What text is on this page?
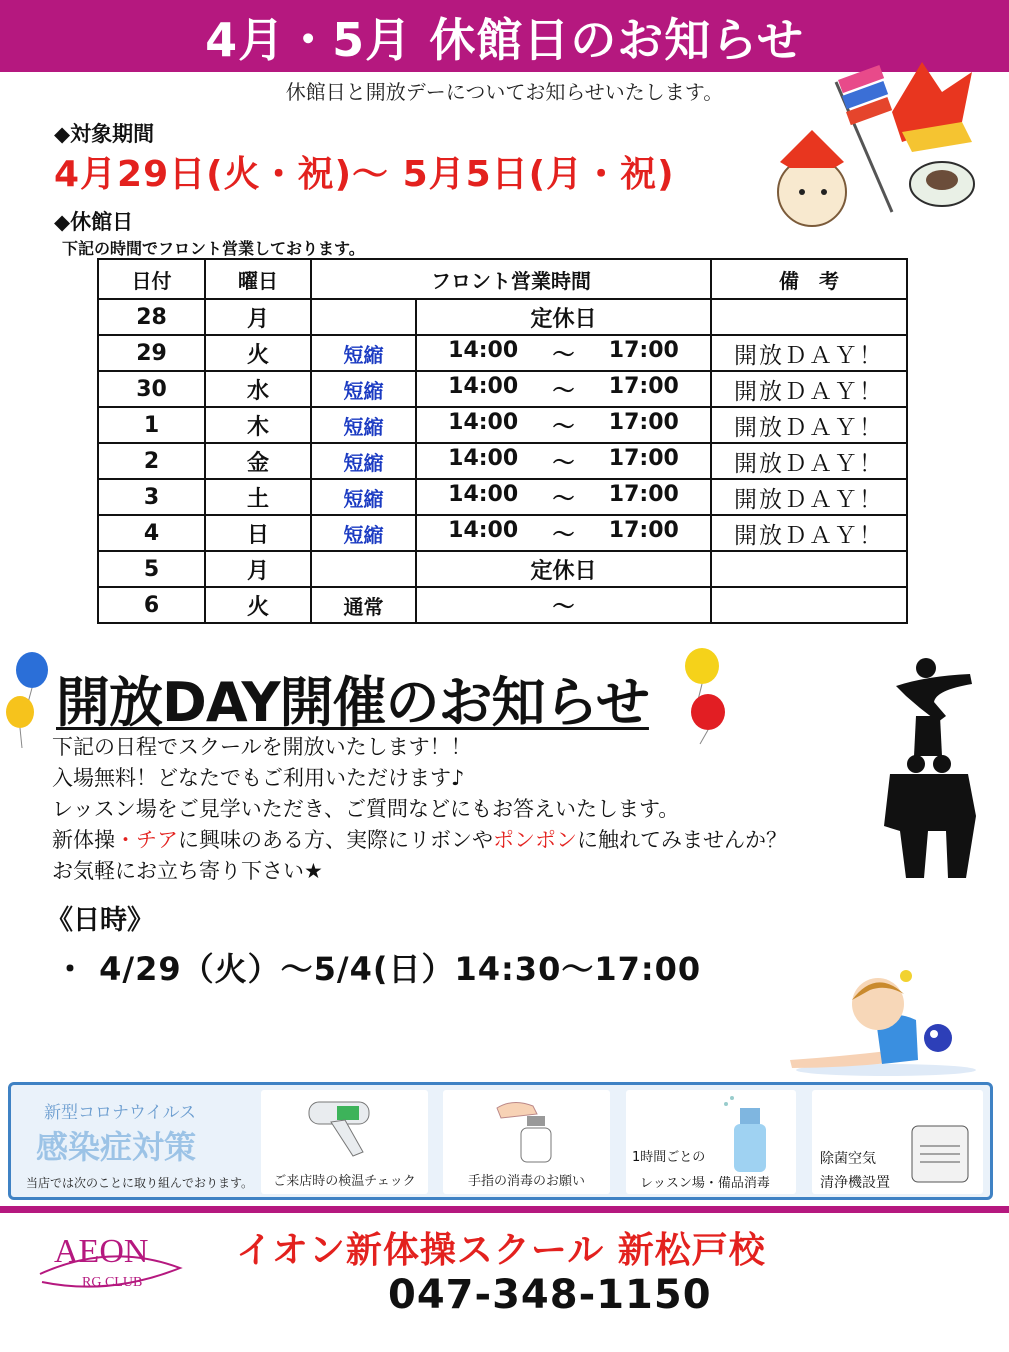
4月・5月 休館日のお知らせ
休館日と開放デーについてお知らせいたします。
◆対象期間
4月29日(火・祝)～ 5月5日(月・祝)
◆休館日
下記の時間でフロント営業しております。
日付	曜日	フロント営業時間		備　考
28	月		定休日	
29	火	短縮	14:00 ～ 17:00	開放ＤＡＹ！
30	水	短縮	14:00 ～ 17:00	開放ＤＡＹ！
1	木	短縮	14:00 ～ 17:00	開放ＤＡＹ！
2	金	短縮	14:00 ～ 17:00	開放ＤＡＹ！
3	土	短縮	14:00 ～ 17:00	開放ＤＡＹ！
4	日	短縮	14:00 ～ 17:00	開放ＤＡＹ！
5	月		定休日	
6	火	通常	～	
開放DAY開催のお知らせ
下記の日程でスクールを開放いたします！！
入場無料！どなたでもご利用いただけます♪
レッスン場をご見学いただき、ご質問などにもお答えいたします。
新体操・チアに興味のある方、実際にリボンやポンポンに触れてみませんか？
お気軽にお立ち寄り下さい★
《日時》
・ 4/29（火）～5/4(日）14:30～17:00
新型コロナウイルス
感染症対策
当店では次のことに取り組んでおります。	ご来店時の検温チェック	手指の消毒のお願い
1時間ごとの
レッスン場・備品消毒
除菌空気
清浄機設置
AEON
RG CLUB
イオン新体操スクール 新松戸校
047-348-1150
